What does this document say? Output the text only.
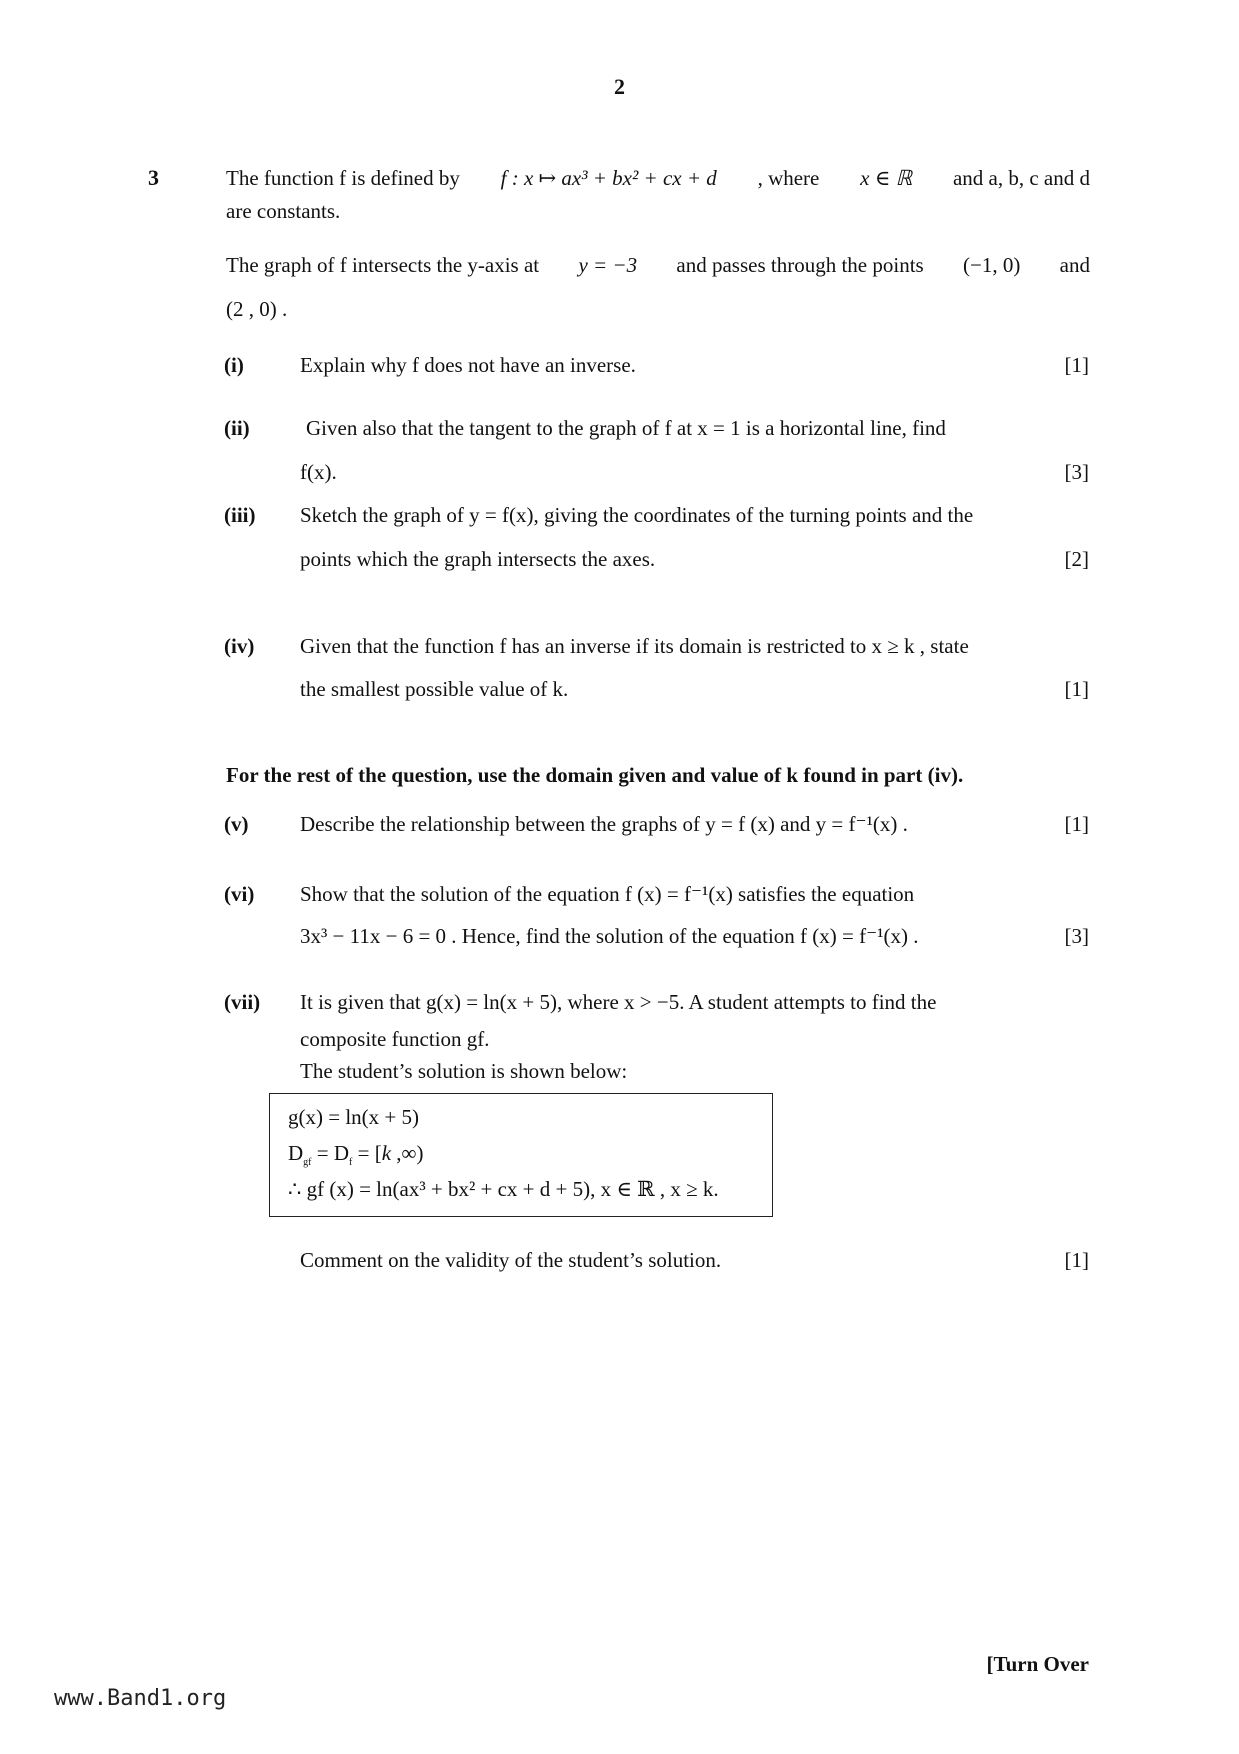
2
3	The function f is defined by f : x ↦ ax³ + bx² + cx + d , where x ∈ ℝ and a, b, c and d
are constants.
The graph of f intersects the y-axis at y = −3 and passes through the points (−1, 0) and
(2 , 0) .
(i)	Explain why f does not have an inverse.	[1]
(ii)	Given also that the tangent to the graph of f at x = 1 is a horizontal line, find
f(x).	[3]
(iii) Sketch the graph of y = f(x), giving the coordinates of the turning points and the
points which the graph intersects the axes.	[2]
(iv) Given that the function f has an inverse if its domain is restricted to x ≥ k , state
the smallest possible value of k.	[1]
For the rest of the question, use the domain given and value of k found in part (iv).
(v) Describe the relationship between the graphs of y = f (x) and y = f⁻¹(x) .	[1]
(vi) Show that the solution of the equation f (x) = f⁻¹(x) satisfies the equation
3x³ − 11x − 6 = 0 . Hence, find the solution of the equation f (x) = f⁻¹(x) .	[3]
(vii) It is given that g(x) = ln(x + 5), where x > −5. A student attempts to find the
composite function gf.
The student’s solution is shown below:
g(x) = ln(x + 5)
$D_{gf} = D_f = [k$ ,∞)
∴ gf (x) = ln(ax³ + bx² + cx + d + 5), x ∈ ℝ , x ≥ k.
Comment on the validity of the student’s solution.	[1]
[Turn Over
www.Band1.org
